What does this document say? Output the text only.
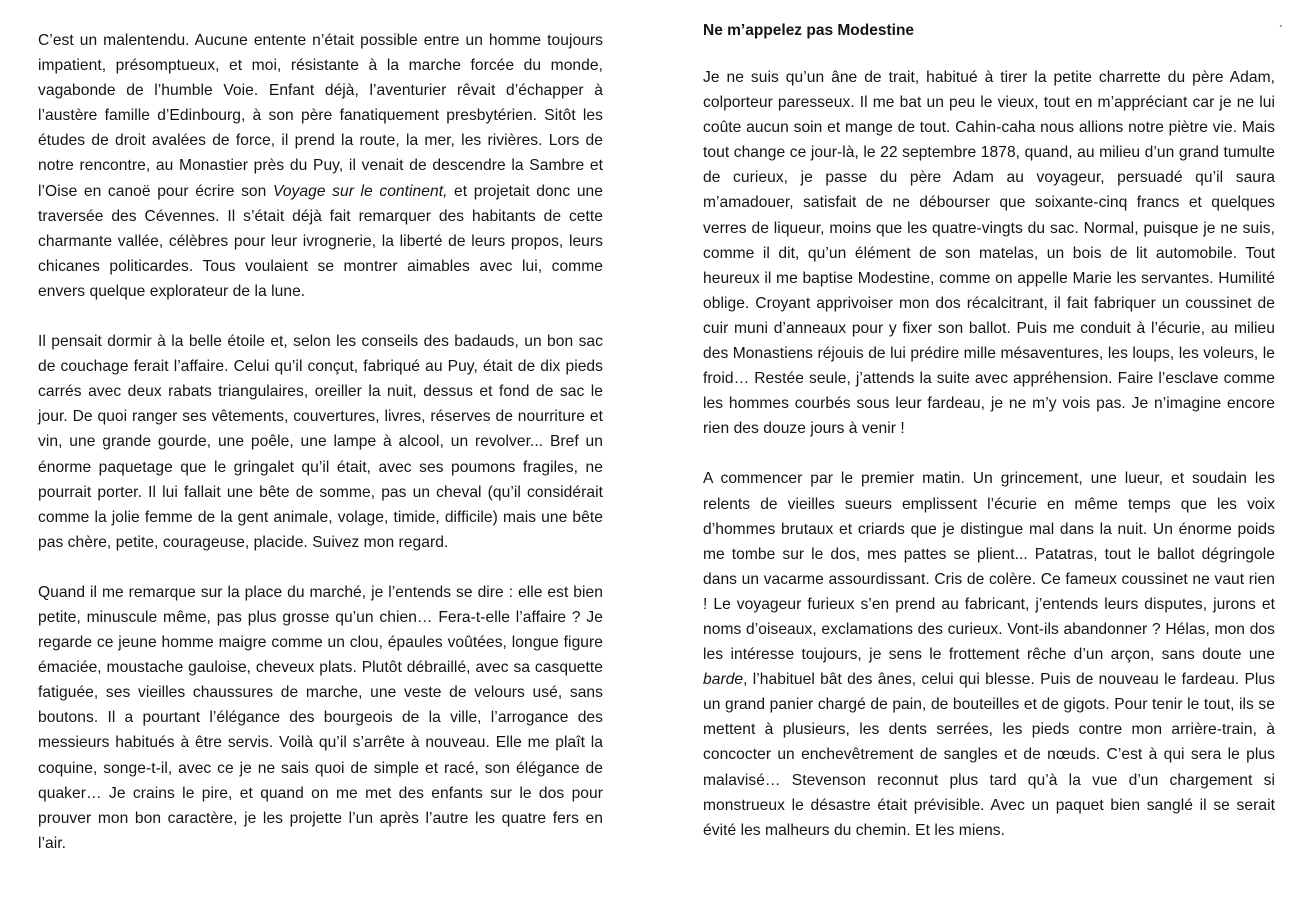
C’est un malentendu. Aucune entente n’était possible entre un homme toujours impatient, présomptueux, et moi, résistante à la marche forcée du monde, vagabonde de l’humble Voie. Enfant déjà, l’aventurier rêvait d’échapper à l’austère famille d’Edinbourg, à son père fanatiquement presbytérien. Sitôt les études de droit avalées de force, il prend la route, la mer, les rivières. Lors de notre rencontre, au Monastier près du Puy, il venait de descendre la Sambre et l’Oise en canoë pour écrire son Voyage sur le continent, et projetait donc une traversée des Cévennes. Il s’était déjà fait remarquer des habitants de cette charmante vallée, célèbres pour leur ivrognerie, la liberté de leurs propos, leurs chicanes politicardes. Tous voulaient se montrer aimables avec lui, comme envers quelque explorateur de la lune.
Il pensait dormir à la belle étoile et, selon les conseils des badauds, un bon sac de couchage ferait l’affaire. Celui qu’il conçut, fabriqué au Puy, était de dix pieds carrés avec deux rabats triangulaires, oreiller la nuit, dessus et fond de sac le jour. De quoi ranger ses vêtements, couvertures, livres, réserves de nourriture et vin, une grande gourde, une poêle, une lampe à alcool, un revolver... Bref un énorme paquetage que le gringalet qu’il était, avec ses poumons fragiles, ne pourrait porter. Il lui fallait une bête de somme, pas un cheval (qu’il considérait comme la jolie femme de la gent animale, volage, timide, difficile) mais une bête pas chère, petite, courageuse, placide. Suivez mon regard.
Quand il me remarque sur la place du marché, je l’entends se dire : elle est bien petite, minuscule même, pas plus grosse qu’un chien… Fera-t-elle l’affaire ? Je regarde ce jeune homme maigre comme un clou, épaules voûtées, longue figure émaciée, moustache gauloise, cheveux plats. Plutôt débraillé, avec sa casquette fatiguée, ses vieilles chaussures de marche, une veste de velours usé, sans boutons. Il a pourtant l’élégance des bourgeois de la ville, l’arrogance des messieurs habitués à être servis. Voilà qu’il s’arrête à nouveau. Elle me plaît la coquine, songe-t-il, avec ce je ne sais quoi de simple et racé, son élégance de quaker… Je crains le pire, et quand on me met des enfants sur le dos pour prouver mon bon caractère, je les projette l’un après l’autre les quatre fers en l’air.
ˊ
Ne m’appelez pas Modestine
Je ne suis qu’un âne de trait, habitué à tirer la petite charrette du père Adam, colporteur paresseux. Il me bat un peu le vieux, tout en m’appréciant car je ne lui coûte aucun soin et mange de tout. Cahin-caha nous allions notre piètre vie. Mais tout change ce jour-là, le 22 septembre 1878, quand, au milieu d’un grand tumulte de curieux, je passe du père Adam au voyageur, persuadé qu’il saura m’amadouer, satisfait de ne débourser que soixante-cinq francs et quelques verres de liqueur, moins que les quatre-vingts du sac. Normal, puisque je ne suis, comme il dit, qu’un élément de son matelas, un bois de lit automobile. Tout heureux il me baptise Modestine, comme on appelle Marie les servantes. Humilité oblige. Croyant apprivoiser mon dos récalcitrant, il fait fabriquer un coussinet de cuir muni d’anneaux pour y fixer son ballot. Puis me conduit à l’écurie, au milieu des Monastiens réjouis de lui prédire mille mésaventures, les loups, les voleurs, le froid… Restée seule, j’attends la suite avec appréhension. Faire l’esclave comme les hommes courbés sous leur fardeau, je ne m’y vois pas. Je n’imagine encore rien des douze jours à venir !
A commencer par le premier matin. Un grincement, une lueur, et soudain les relents de vieilles sueurs emplissent l’écurie en même temps que les voix d’hommes brutaux et criards que je distingue mal dans la nuit. Un énorme poids me tombe sur le dos, mes pattes se plient... Patatras, tout le ballot dégringole dans un vacarme assourdissant. Cris de colère. Ce fameux coussinet ne vaut rien ! Le voyageur furieux s’en prend au fabricant, j’entends leurs disputes, jurons et noms d’oiseaux, exclamations des curieux. Vont-ils abandonner ? Hélas, mon dos les intéresse toujours, je sens le frottement rêche d’un arçon, sans doute une barde, l’habituel bât des ânes, celui qui blesse. Puis de nouveau le fardeau. Plus un grand panier chargé de pain, de bouteilles et de gigots. Pour tenir le tout, ils se mettent à plusieurs, les dents serrées, les pieds contre mon arrière-train, à concocter un enchevêtrement de sangles et de nœuds. C’est à qui sera le plus malavisé… Stevenson reconnut plus tard qu’à la vue d’un chargement si monstrueux le désastre était prévisible. Avec un paquet bien sanglé il se serait évité les malheurs du chemin. Et les miens.
